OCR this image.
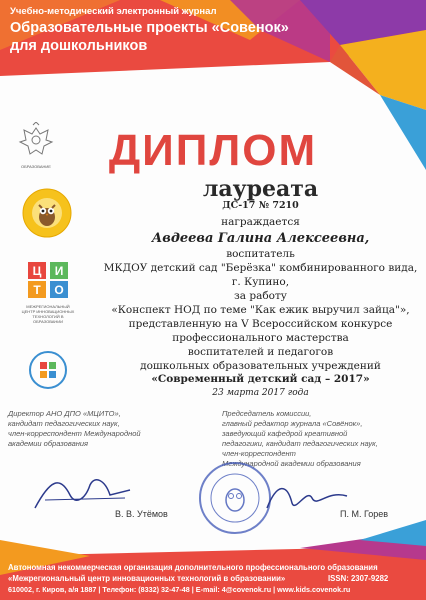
Учебно-методический электронный журнал
Образовательные проекты «Совенок»
для дошкольников
ДИПЛОМ
ОБРАЗОВАНИЕ
Ц И
Т О
МЕЖРЕГИОНАЛЬНЫЙ ЦЕНТР ИННОВАЦИОННЫХ ТЕХНОЛОГИЙ В ОБРАЗОВАНИИ
лауреата
ДС-17 № 7210
награждается
Авдеева Галина Алексеевна,
воспитатель
МКДОУ детский сад "Берёзка" комбинированного вида,
г. Купино,
за работу
«Конспект НОД по теме "Как ежик выручил зайца"»,
представленную на V Всероссийском конкурсе
профессионального мастерства
воспитателей и педагогов
дошкольных образовательных учреждений
«Современный детский сад – 2017»
23 марта 2017 года
Директор АНО ДПО «МЦИТО»,
кандидат педагогических наук,
член-корреспондент Международной
академии образования
В. В. Утёмов
Председатель комиссии,
главный редактор журнала «Совёнок»,
заведующий кафедрой креативной
педагогики, кандидат педагогических наук,
член-корреспондент
Международной академии образования
П. М. Горев
Автономная некоммерческая организация дополнительного профессионального образования
«Межрегиональный центр инновационных технологий в образовании»	ISSN: 2307-9282
610002, г. Киров, а/я 1887 | Телефон: (8332) 32-47-48 | E-mail: 4@covenok.ru | www.kids.covenok.ru
